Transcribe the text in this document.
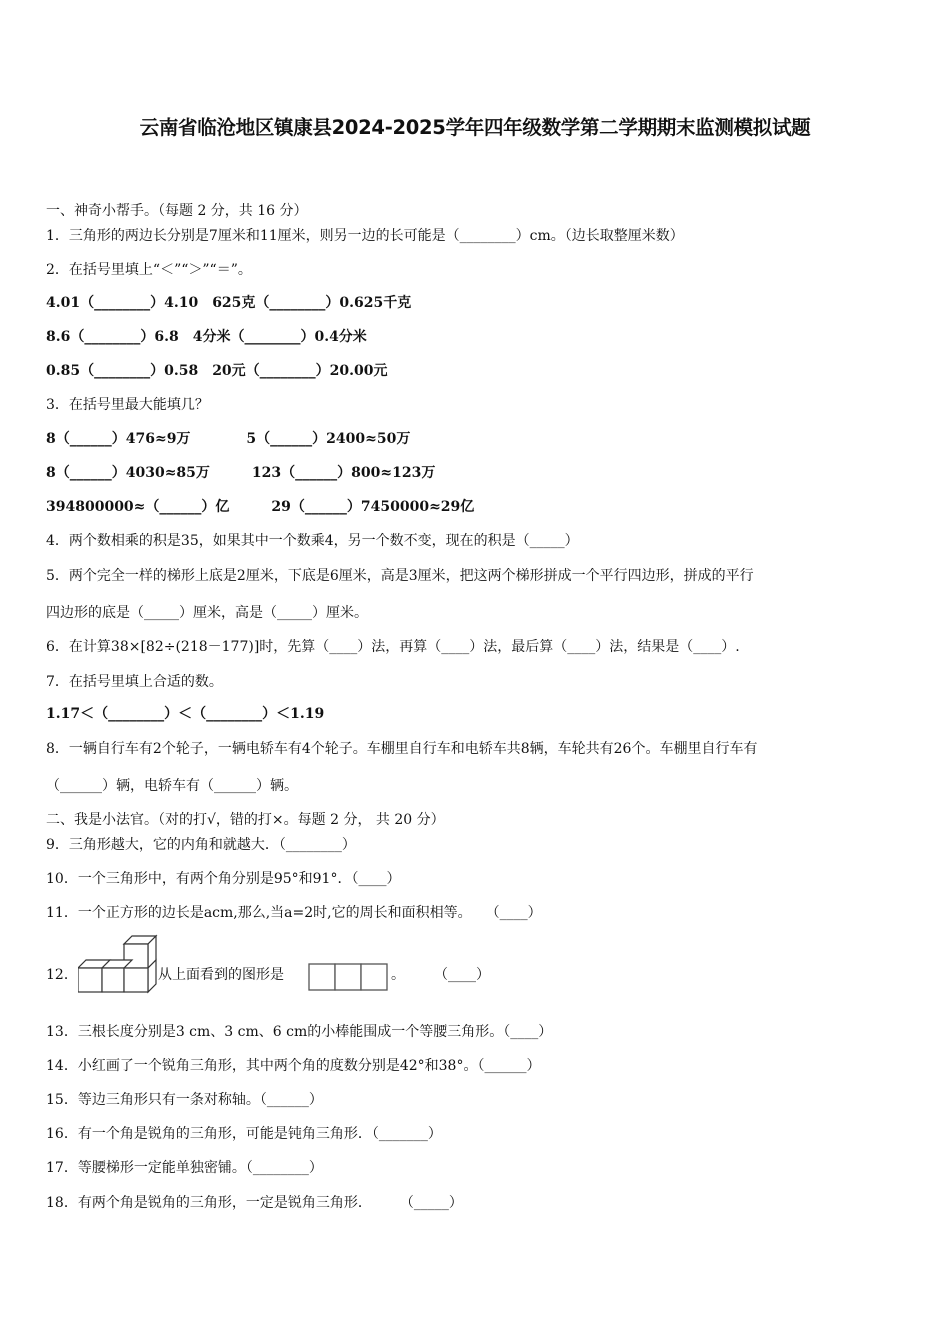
云南省临沧地区镇康县2024-2025学年四年级数学第二学期期末监测模拟试题
一、神奇小帮手。（每题 2 分，共 16 分）
1．三角形的两边长分别是7厘米和11厘米，则另一边的长可能是（________）cm。（边长取整厘米数）
2．在括号里填上“＜”“＞”“＝”。
4.01（________）4.10　625克（________）0.625千克
8.6（________）6.8　4分米（________）0.4分米
0.85（________）0.58　20元（________）20.00元
3．在括号里最大能填几？
8（______）476≈9万　　　　5（______）2400≈50万
8（______）4030≈85万　　　123（______）800≈123万
394800000≈（______）亿　　　29（______）7450000≈29亿
4．两个数相乘的积是35，如果其中一个数乘4，另一个数不变，现在的积是（_____）
5．两个完全一样的梯形上底是2厘米，下底是6厘米，高是3厘米，把这两个梯形拼成一个平行四边形，拼成的平行
四边形的底是（_____）厘米，高是（_____）厘米。
6．在计算38×[82÷(218－177)]时，先算（____）法，再算（____）法，最后算（____）法，结果是（____）.
7．在括号里填上合适的数。
1.17＜（________）＜（________）＜1.19
8．一辆自行车有2个轮子，一辆电轿车有4个轮子。车棚里自行车和电轿车共8辆，车轮共有26个。车棚里自行车有
（______）辆，电轿车有（______）辆。
二、我是小法官。（对的打√，错的打×。每题 2 分， 共 20 分）
9．三角形越大，它的内角和就越大．（________）
10．一个三角形中，有两个角分别是95°和91°．（____）
11．一个正方形的边长是acm,那么,当a=2时,它的周长和面积相等。　　（____）
12．	从上面看到的图形是	。 （____）
13．三根长度分别是3 cm、3 cm、6 cm的小棒能围成一个等腰三角形。（____）
14．小红画了一个锐角三角形，其中两个角的度数分别是42°和38°。（______）
15．等边三角形只有一条对称轴。（______）
16．有一个角是锐角的三角形，可能是钝角三角形．（_______）
17．等腰梯形一定能单独密铺。（________）
18．有两个角是锐角的三角形，一定是锐角三角形．　　　（_____）
